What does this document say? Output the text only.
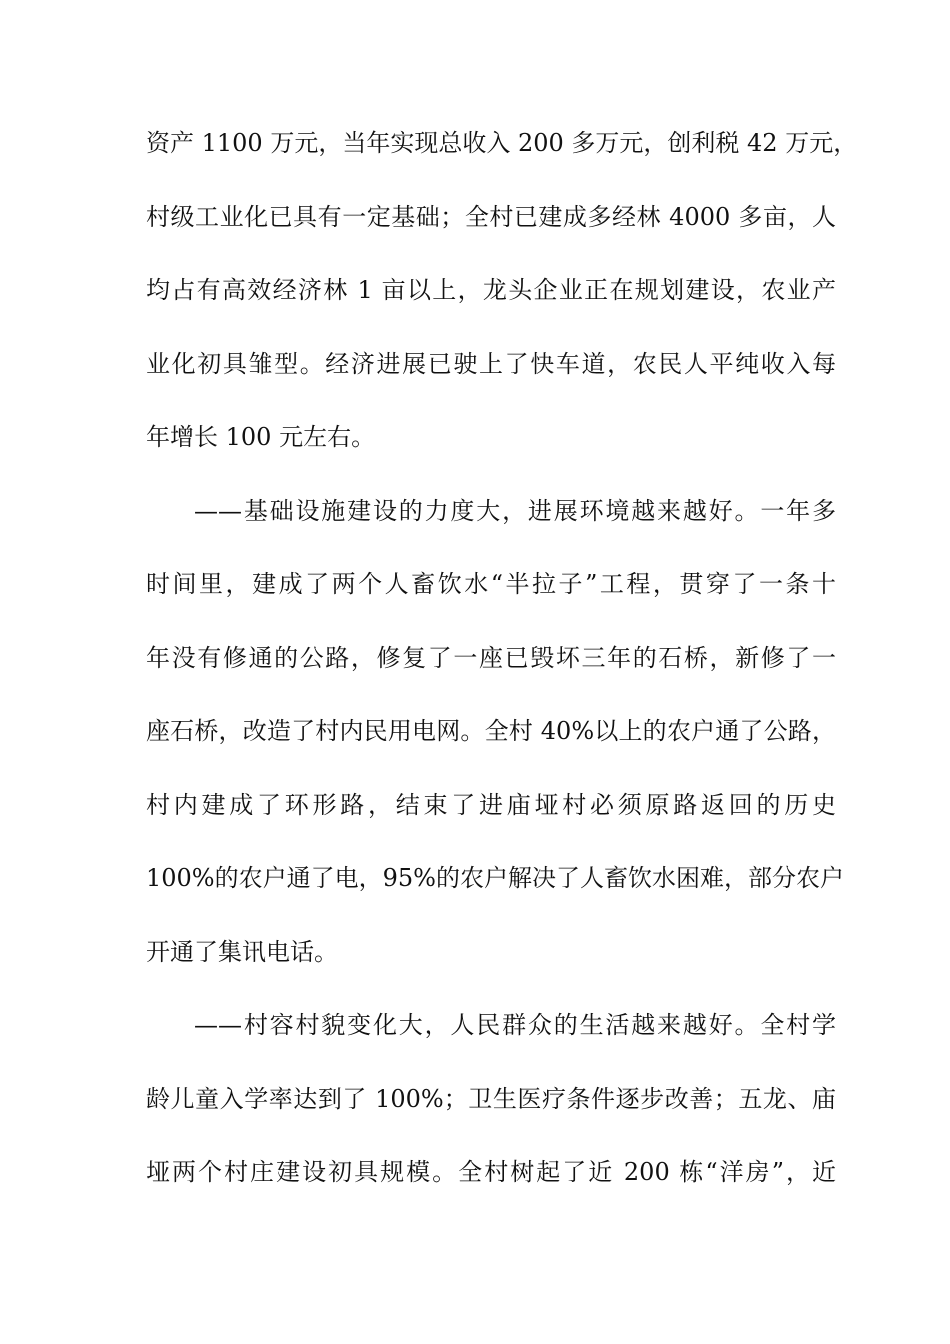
资产 1100 万元，当年实现总收入 200 多万元，创利税 42 万元，
村级工业化已具有一定基础；全村已建成多经林 4000 多亩，人
均占有高效经济林 1 亩以上，龙头企业正在规划建设，农业产
业化初具雏型。经济进展已驶上了快车道，农民人平纯收入每
年增长 100 元左右。
——基础设施建设的力度大，进展环境越来越好。一年多
时间里，建成了两个人畜饮水“半拉子”工程，贯穿了一条十
年没有修通的公路，修复了一座已毁坏三年的石桥，新修了一
座石桥，改造了村内民用电网。全村 40%以上的农户通了公路，
村内建成了环形路，结束了进庙垭村必须原路返回的历史
100%的农户通了电，95%的农户解决了人畜饮水困难，部分农户
开通了集讯电话。
——村容村貌变化大，人民群众的生活越来越好。全村学
龄儿童入学率达到了 100%；卫生医疗条件逐步改善；五龙、庙
垭两个村庄建设初具规模。全村树起了近 200 栋“洋房”，近
